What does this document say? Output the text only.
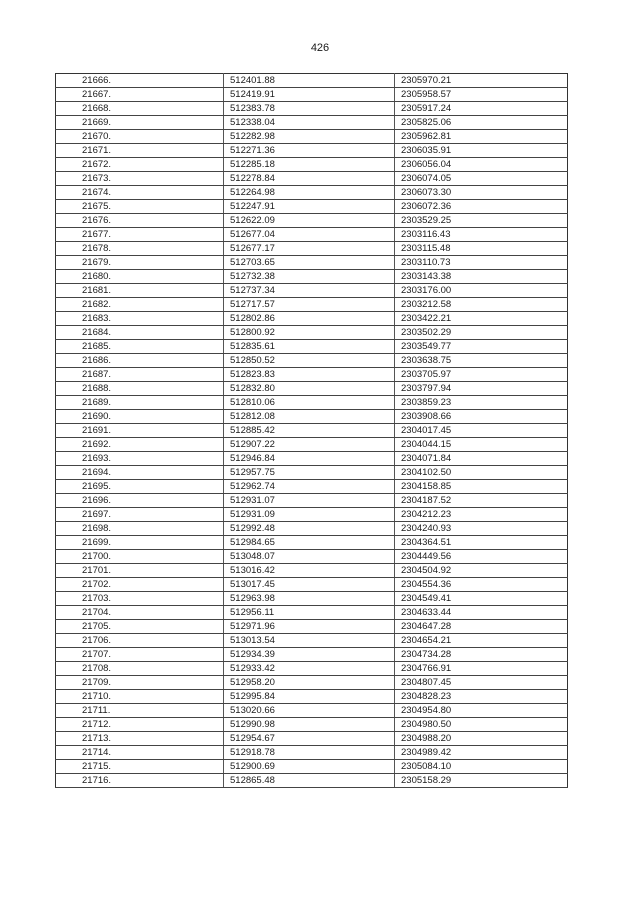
426
21666.	512401.88	2305970.21
21667.	512419.91	2305958.57
21668.	512383.78	2305917.24
21669.	512338.04	2305825.06
21670.	512282.98	2305962.81
21671.	512271.36	2306035.91
21672.	512285.18	2306056.04
21673.	512278.84	2306074.05
21674.	512264.98	2306073.30
21675.	512247.91	2306072.36
21676.	512622.09	2303529.25
21677.	512677.04	2303116.43
21678.	512677.17	2303115.48
21679.	512703.65	2303110.73
21680.	512732.38	2303143.38
21681.	512737.34	2303176.00
21682.	512717.57	2303212.58
21683.	512802.86	2303422.21
21684.	512800.92	2303502.29
21685.	512835.61	2303549.77
21686.	512850.52	2303638.75
21687.	512823.83	2303705.97
21688.	512832.80	2303797.94
21689.	512810.06	2303859.23
21690.	512812.08	2303908.66
21691.	512885.42	2304017.45
21692.	512907.22	2304044.15
21693.	512946.84	2304071.84
21694.	512957.75	2304102.50
21695.	512962.74	2304158.85
21696.	512931.07	2304187.52
21697.	512931.09	2304212.23
21698.	512992.48	2304240.93
21699.	512984.65	2304364.51
21700.	513048.07	2304449.56
21701.	513016.42	2304504.92
21702.	513017.45	2304554.36
21703.	512963.98	2304549.41
21704.	512956.11	2304633.44
21705.	512971.96	2304647.28
21706.	513013.54	2304654.21
21707.	512934.39	2304734.28
21708.	512933.42	2304766.91
21709.	512958.20	2304807.45
21710.	512995.84	2304828.23
21711.	513020.66	2304954.80
21712.	512990.98	2304980.50
21713.	512954.67	2304988.20
21714.	512918.78	2304989.42
21715.	512900.69	2305084.10
21716.	512865.48	2305158.29
